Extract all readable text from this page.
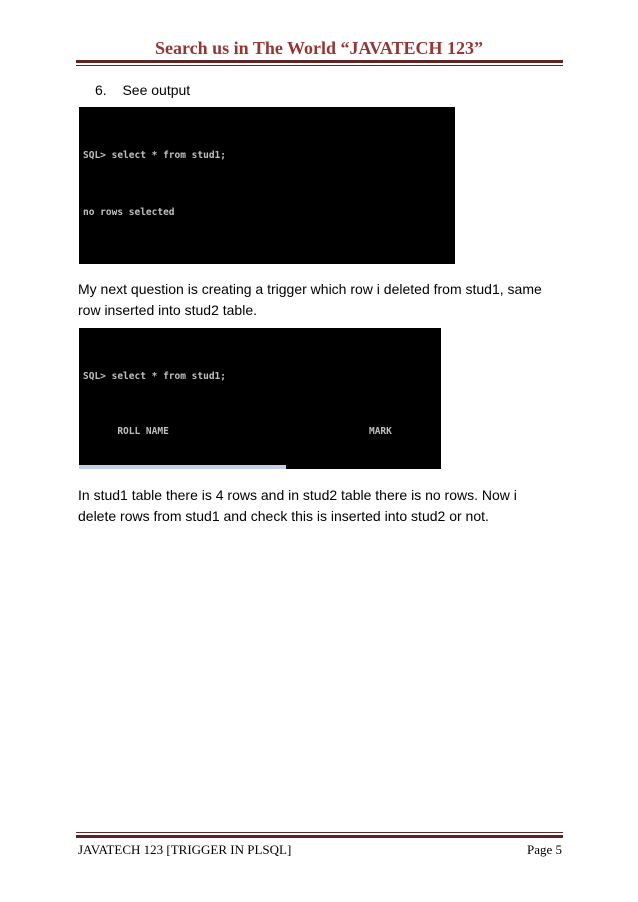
Search us in The World “JAVATECH 123”
6. See output

SQL> select * from stud1;

no rows selected

My next question is creating a trigger which row i deleted from stud1, same row inserted into stud2 table.

SQL> select * from stud1;

ROLL NAME                                   MARK

In stud1 table there is 4 rows and in stud2 table there is no rows. Now i delete rows from stud1 and check this is inserted into stud2 or not.
JAVATECH 123 [TRIGGER IN PLSQL]	Page 5
